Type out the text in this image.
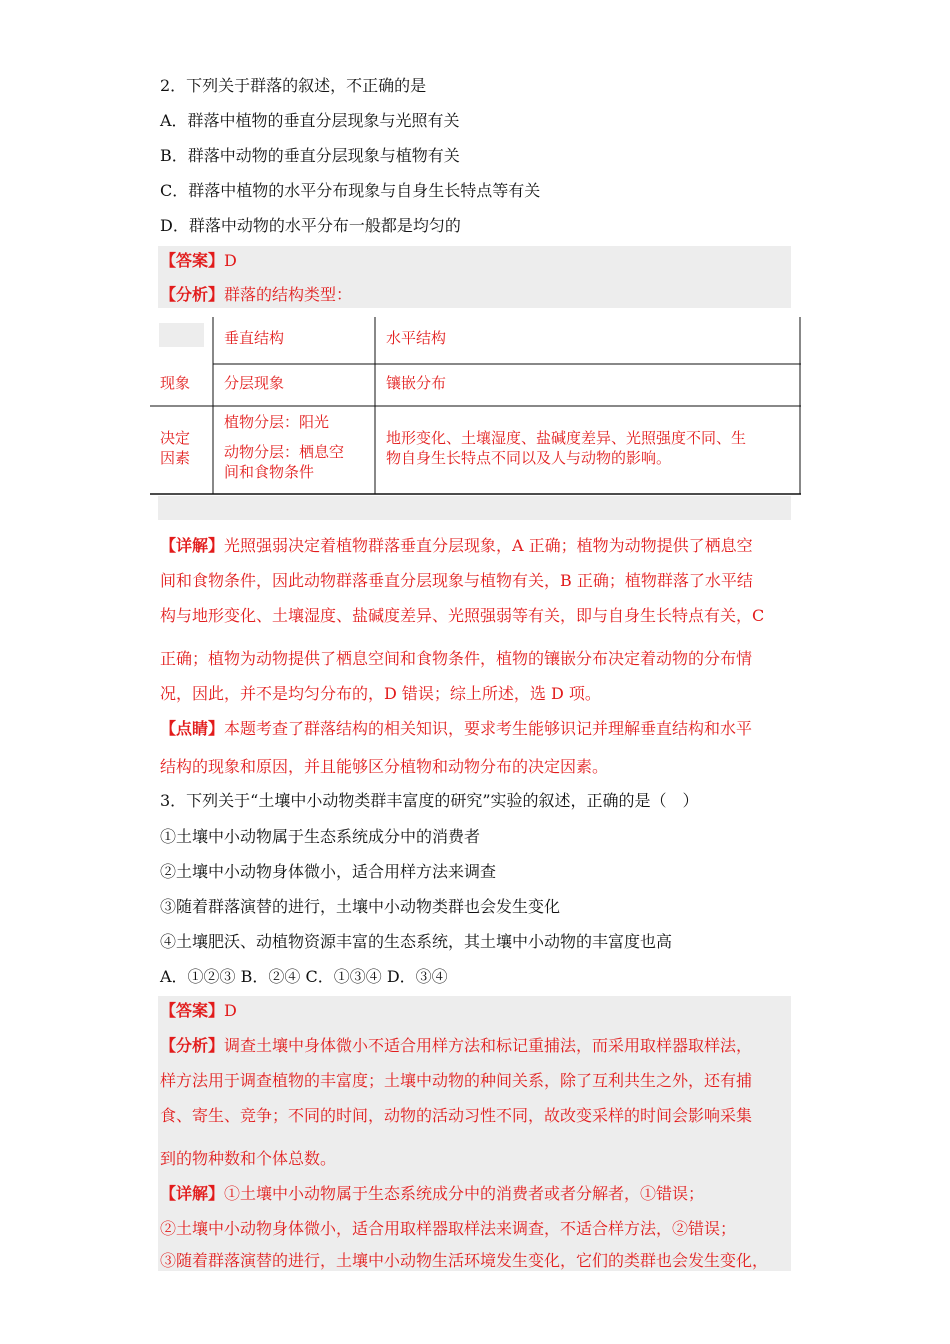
2．下列关于群落的叙述，不正确的是
A．群落中植物的垂直分层现象与光照有关
B．群落中动物的垂直分层现象与植物有关
C．群落中植物的水平分布现象与自身生长特点等有关
D．群落中动物的水平分布一般都是均匀的
【答案】D
【分析】群落的结构类型：
垂直结构	水平结构
现象 分层现象	镶嵌分布
决定
因素
植物分层：阳光
动物分层：栖息空
间和食物条件
地形变化、土壤湿度、盐碱度差异、光照强度不同、生
物自身生长特点不同以及人与动物的影响。
【详解】光照强弱决定着植物群落垂直分层现象，A 正确；植物为动物提供了栖息空
间和食物条件，因此动物群落垂直分层现象与植物有关，B 正确；植物群落了水平结
构与地形变化、土壤湿度、盐碱度差异、光照强弱等有关，即与自身生长特点有关，C
正确；植物为动物提供了栖息空间和食物条件，植物的镶嵌分布决定着动物的分布情
况，因此，并不是均匀分布的，D 错误；综上所述，选 D 项。
【点睛】本题考查了群落结构的相关知识，要求考生能够识记并理解垂直结构和水平
结构的现象和原因，并且能够区分植物和动物分布的决定因素。
3．下列关于“土壤中小动物类群丰富度的研究”实验的叙述，正确的是（　）
①土壤中小动物属于生态系统成分中的消费者
②土壤中小动物身体微小，适合用样方法来调查
③随着群落演替的进行，土壤中小动物类群也会发生变化
④土壤肥沃、动植物资源丰富的生态系统，其土壤中小动物的丰富度也高
A．①②③ B．②④ C．①③④ D．③④
【答案】D
【分析】调查土壤中身体微小不适合用样方法和标记重捕法，而采用取样器取样法，
样方法用于调查植物的丰富度；土壤中动物的种间关系，除了互利共生之外，还有捕
食、寄生、竞争；不同的时间，动物的活动习性不同，故改变采样的时间会影响采集
到的物种数和个体总数。
【详解】①土壤中小动物属于生态系统成分中的消费者或者分解者，①错误；
②土壤中小动物身体微小，适合用取样器取样法来调查，不适合样方法，②错误；
③随着群落演替的进行，土壤中小动物生活环境发生变化，它们的类群也会发生变化，
